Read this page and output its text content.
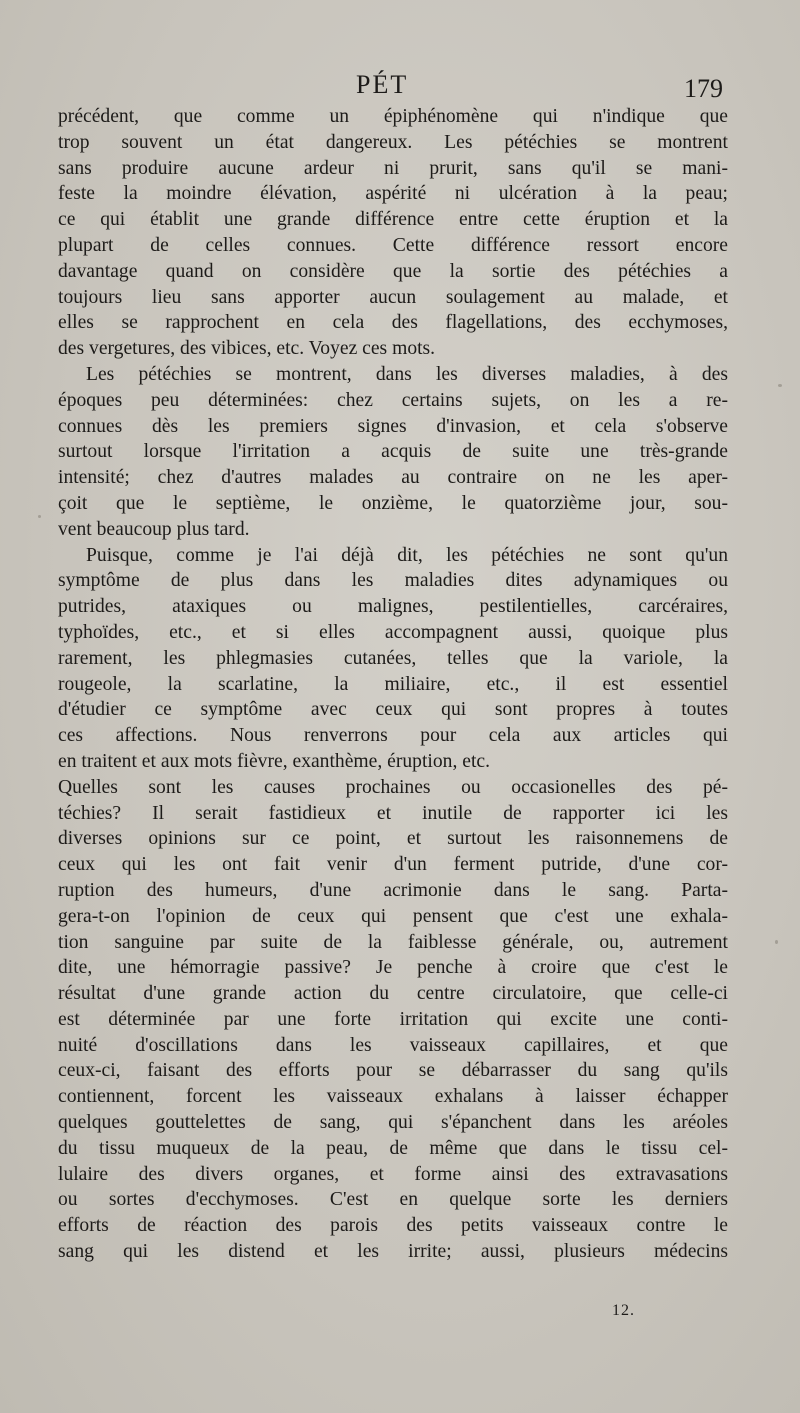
PÉT	179
précédent, que comme un épiphénomène qui n'indique que
trop souvent un état dangereux. Les pétéchies se montrent
sans produire aucune ardeur ni prurit, sans qu'il se mani-
feste la moindre élévation, aspérité ni ulcération à la peau;
ce qui établit une grande différence entre cette éruption et la
plupart de celles connues. Cette différence ressort encore
davantage quand on considère que la sortie des pétéchies a
toujours lieu sans apporter aucun soulagement au malade, et
elles se rapprochent en cela des flagellations, des ecchymoses,
des vergetures, des vibices, etc. Voyez ces mots.
Les pétéchies se montrent, dans les diverses maladies, à des
époques peu déterminées: chez certains sujets, on les a re-
connues dès les premiers signes d'invasion, et cela s'observe
surtout lorsque l'irritation a acquis de suite une très-grande
intensité; chez d'autres malades au contraire on ne les aper-
çoit que le septième, le onzième, le quatorzième jour, sou-
vent beaucoup plus tard.
Puisque, comme je l'ai déjà dit, les pétéchies ne sont qu'un
symptôme de plus dans les maladies dites adynamiques ou
putrides, ataxiques ou malignes, pestilentielles, carcéraires,
typhoïdes, etc., et si elles accompagnent aussi, quoique plus
rarement, les phlegmasies cutanées, telles que la variole, la
rougeole, la scarlatine, la miliaire, etc., il est essentiel
d'étudier ce symptôme avec ceux qui sont propres à toutes
ces affections. Nous renverrons pour cela aux articles qui
en traitent et aux mots fièvre, exanthème, éruption, etc.
Quelles sont les causes prochaines ou occasionelles des pé-
téchies? Il serait fastidieux et inutile de rapporter ici les
diverses opinions sur ce point, et surtout les raisonnemens de
ceux qui les ont fait venir d'un ferment putride, d'une cor-
ruption des humeurs, d'une acrimonie dans le sang. Parta-
gera-t-on l'opinion de ceux qui pensent que c'est une exhala-
tion sanguine par suite de la faiblesse générale, ou, autrement
dite, une hémorragie passive? Je penche à croire que c'est le
résultat d'une grande action du centre circulatoire, que celle-ci
est déterminée par une forte irritation qui excite une conti-
nuité d'oscillations dans les vaisseaux capillaires, et que
ceux-ci, faisant des efforts pour se débarrasser du sang qu'ils
contiennent, forcent les vaisseaux exhalans à laisser échapper
quelques gouttelettes de sang, qui s'épanchent dans les aréoles
du tissu muqueux de la peau, de même que dans le tissu cel-
lulaire des divers organes, et forme ainsi des extravasations
ou sortes d'ecchymoses. C'est en quelque sorte les derniers
efforts de réaction des parois des petits vaisseaux contre le
sang qui les distend et les irrite; aussi, plusieurs médecins
12.
